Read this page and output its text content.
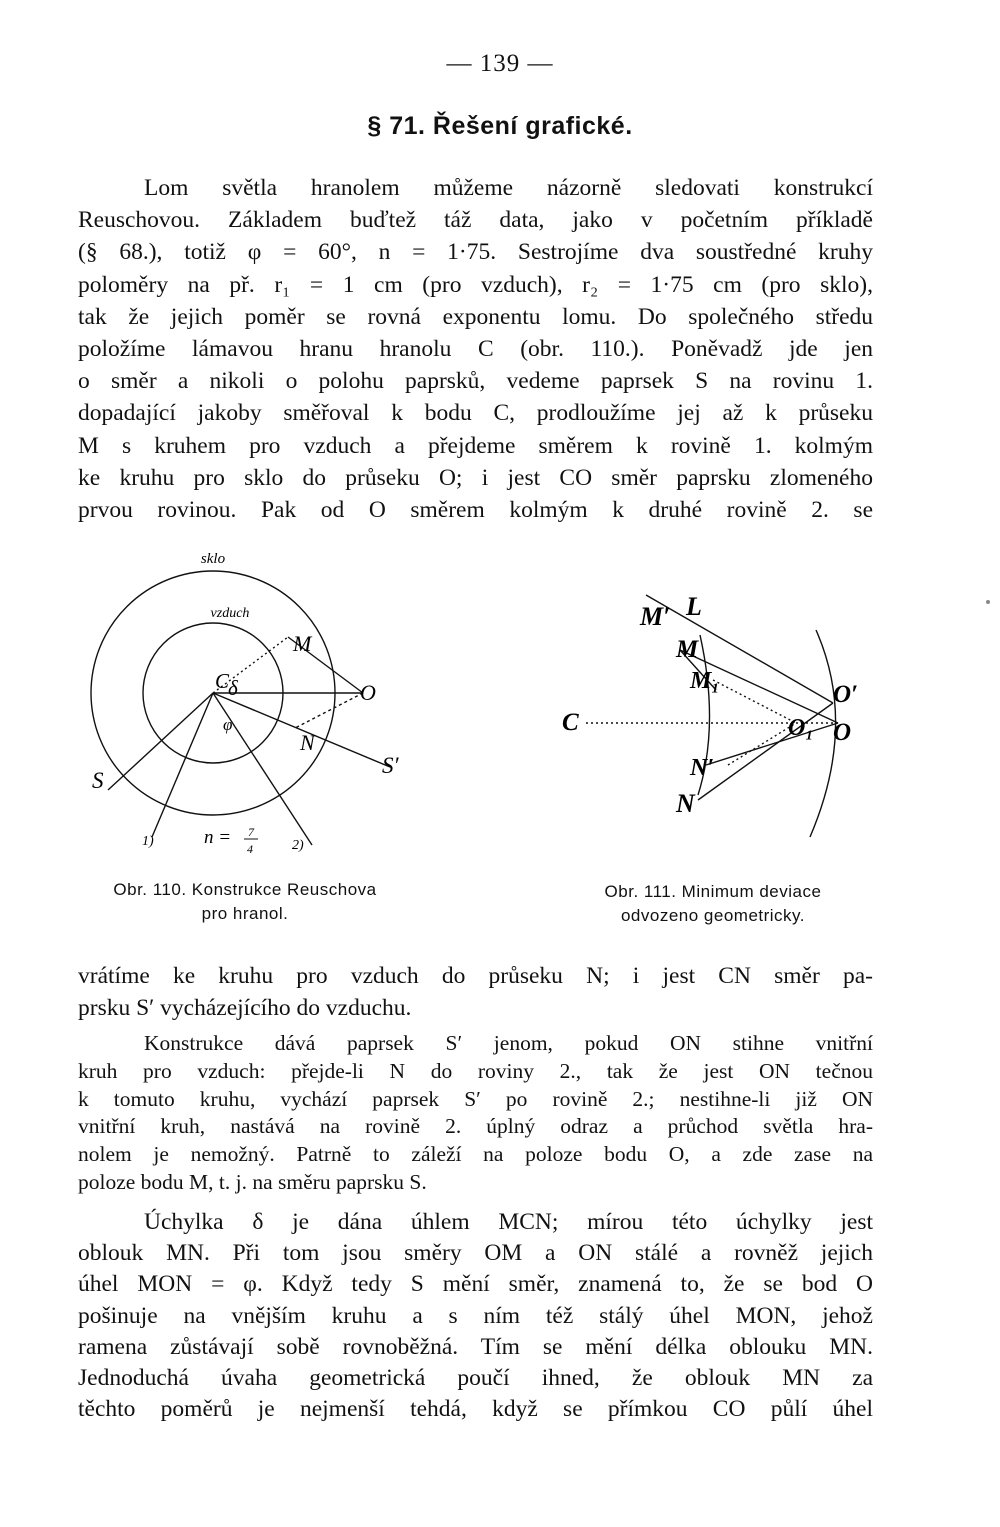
— 139 —
§ 71. Řešení grafické.

Lom světla hranolem můžeme názorně sledovati konstrukcí

Reuschovou. Základem buďtež táž data, jako v početním příkladě

(§ 68.), totiž φ = 60°, n = 1·75. Sestrojíme dva soustředné kruhy

poloměry na př. r₁ = 1 cm (pro vzduch), r₂ = 1·75 cm (pro sklo),

tak že jejich poměr se rovná exponentu lomu. Do společného středu

položíme lámavou hranu hranolu C (obr. 110.). Poněvadž jde jen

o směr a nikoli o polohu paprsků, vedeme paprsek S na rovinu 1.

dopadající jakoby směřoval k bodu C, prodloužíme jej až k průseku

M s kruhem pro vzduch a přejdeme směrem k rovině 1. kolmým

ke kruhu pro sklo do průseku O; i jest CO směr paprsku zlomeného

prvou rovinou. Pak od O směrem kolmým k druhé rovině 2. se

sklo
vzduch
M
C
δ	O
φ
N
S
S′
1)	2)
n = 7
4
M′ L
M
M₁	O′
C	O₁ O
N′
N
Obr. 110. Konstrukce Reuschova
pro hranol.
Obr. 111. Minimum deviace
odvozeno geometricky.

vrátíme ke kruhu pro vzduch do průseku N; i jest CN směr pa-

prsku S′ vycházejícího do vzduchu.

Konstrukce dává paprsek S′ jenom, pokud ON stihne vnitřní

kruh pro vzduch: přejde-li N do roviny 2., tak že jest ON tečnou

k tomuto kruhu, vychází paprsek S′ po rovině 2.; nestihne-li již ON

vnitřní kruh, nastává na rovině 2. úplný odraz a průchod světla hra-

nolem je nemožný. Patrně to záleží na poloze bodu O, a zde zase na

poloze bodu M, t. j. na směru paprsku S.

Úchylka δ je dána úhlem MCN; mírou této úchylky jest

oblouk MN. Při tom jsou směry OM a ON stálé a rovněž jejich

úhel MON = φ. Když tedy S mění směr, znamená to, že se bod O

pošinuje na vnějším kruhu a s ním též stálý úhel MON, jehož

ramena zůstávají sobě rovnoběžná. Tím se mění délka oblouku MN.

Jednoduchá úvaha geometrická poučí ihned, že oblouk MN za

těchto poměrů je nejmenší tehdá, když se přímkou CO půlí úhel
